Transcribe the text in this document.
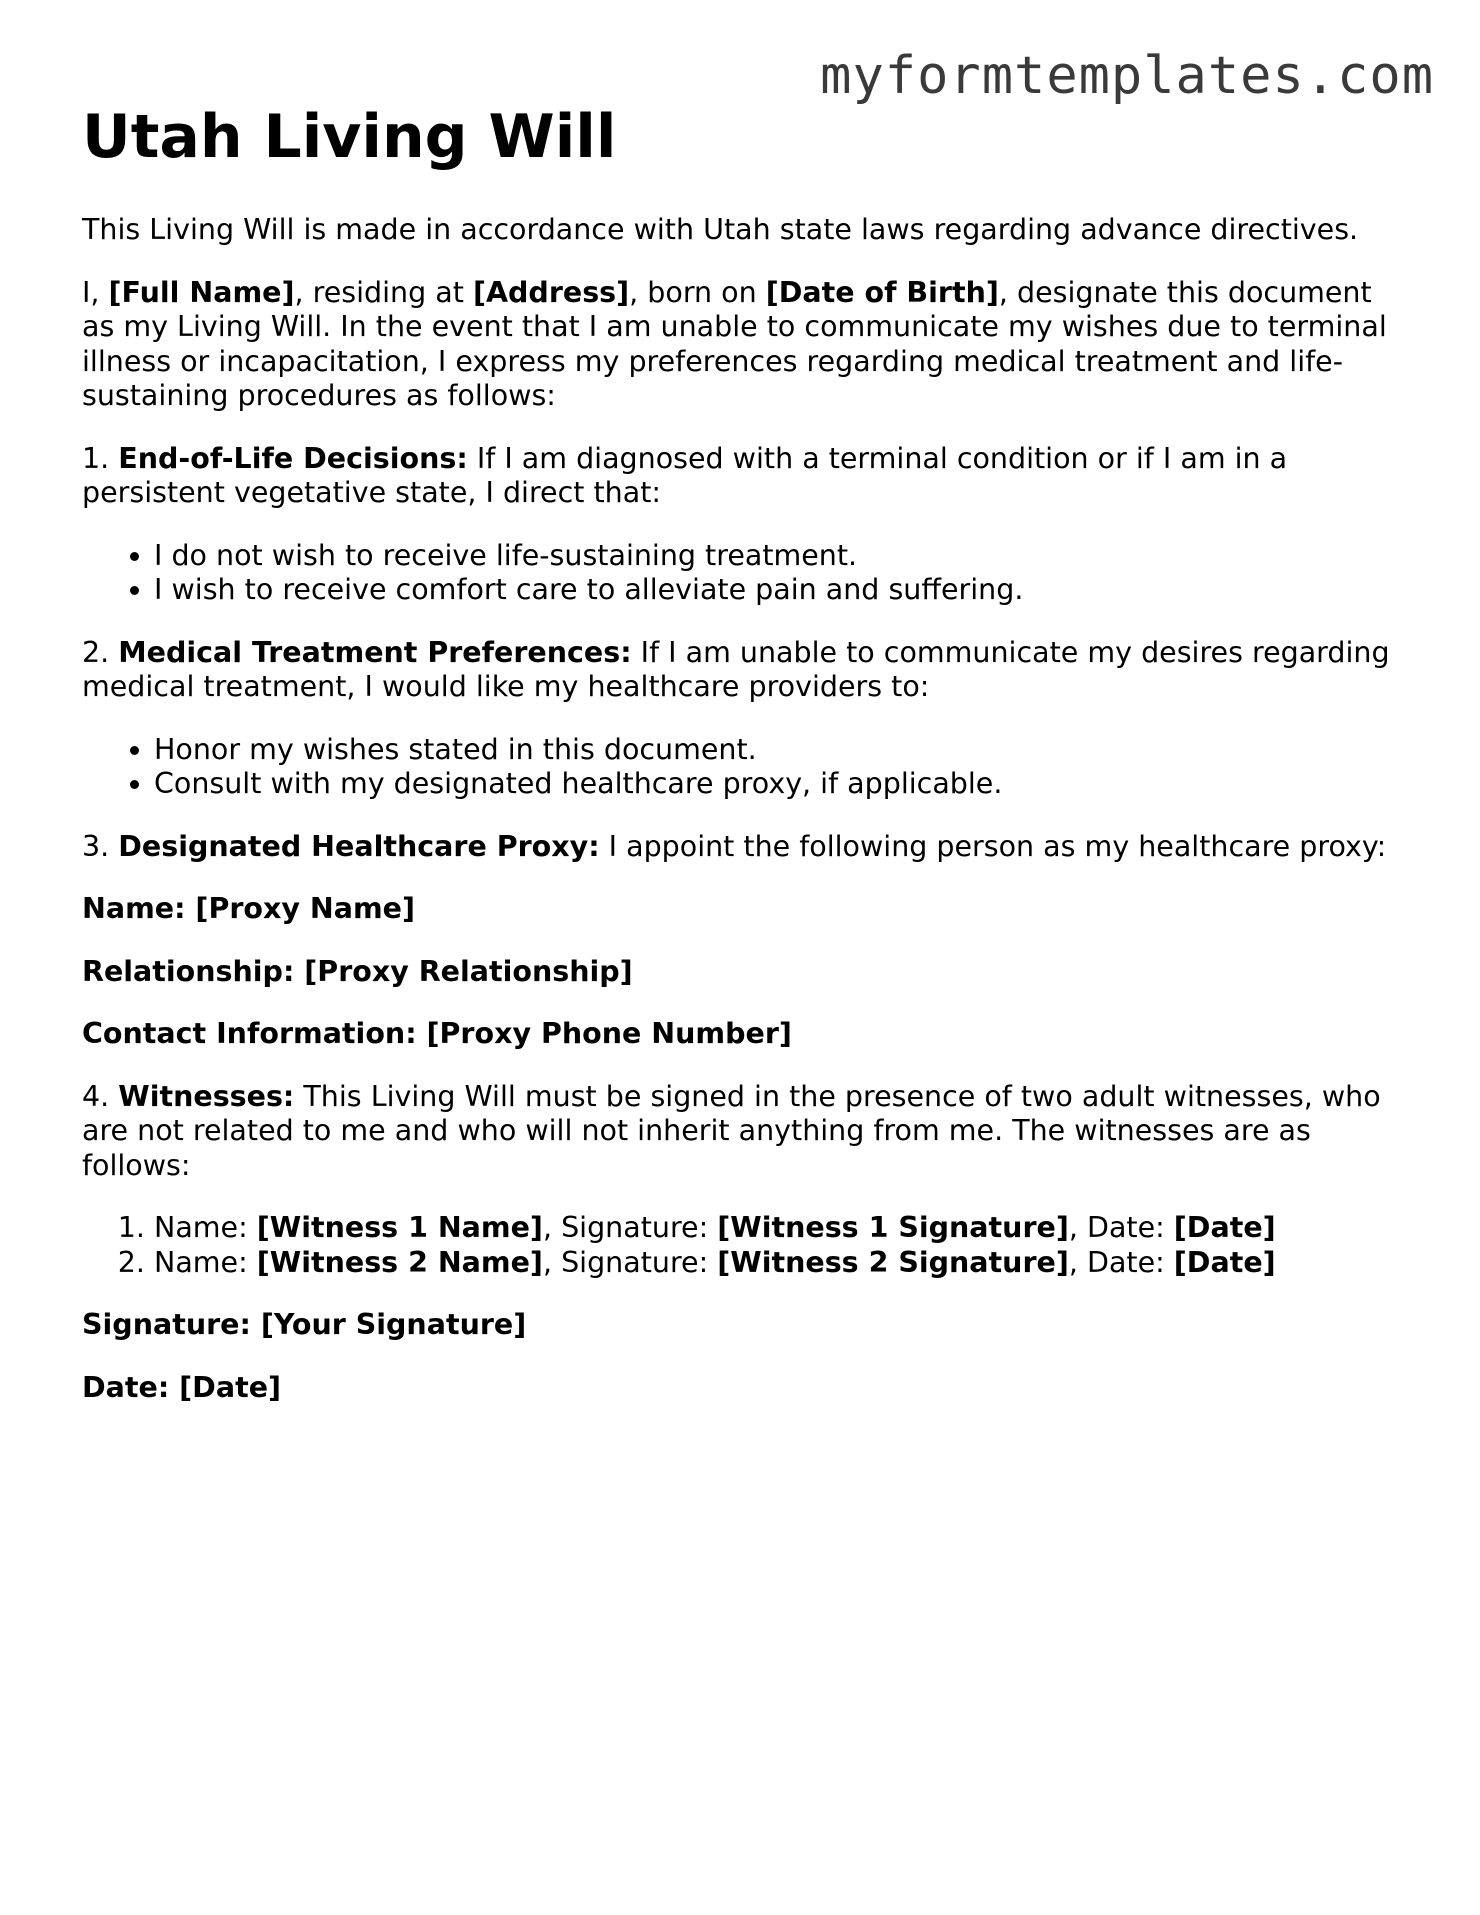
myformtemplates.com
Utah Living Will

This Living Will is made in accordance with Utah state laws regarding advance directives.

I, [Full Name], residing at [Address], born on [Date of Birth], designate this document as my Living Will. In the event that I am unable to communicate my wishes due to terminal illness or incapacitation, I express my preferences regarding medical treatment and life-sustaining procedures as follows:

1. End-of-Life Decisions: If I am diagnosed with a terminal condition or if I am in a persistent vegetative state, I direct that:

• I do not wish to receive life-sustaining treatment.
• I wish to receive comfort care to alleviate pain and suffering.

2. Medical Treatment Preferences: If I am unable to communicate my desires regarding medical treatment, I would like my healthcare providers to:

• Honor my wishes stated in this document.
• Consult with my designated healthcare proxy, if applicable.

3. Designated Healthcare Proxy: I appoint the following person as my healthcare proxy:

Name: [Proxy Name]

Relationship: [Proxy Relationship]

Contact Information: [Proxy Phone Number]

4. Witnesses: This Living Will must be signed in the presence of two adult witnesses, who are not related to me and who will not inherit anything from me. The witnesses are as follows:

1. Name: [Witness 1 Name], Signature: [Witness 1 Signature], Date: [Date]
2. Name: [Witness 2 Name], Signature: [Witness 2 Signature], Date: [Date]

Signature: [Your Signature]

Date: [Date]
